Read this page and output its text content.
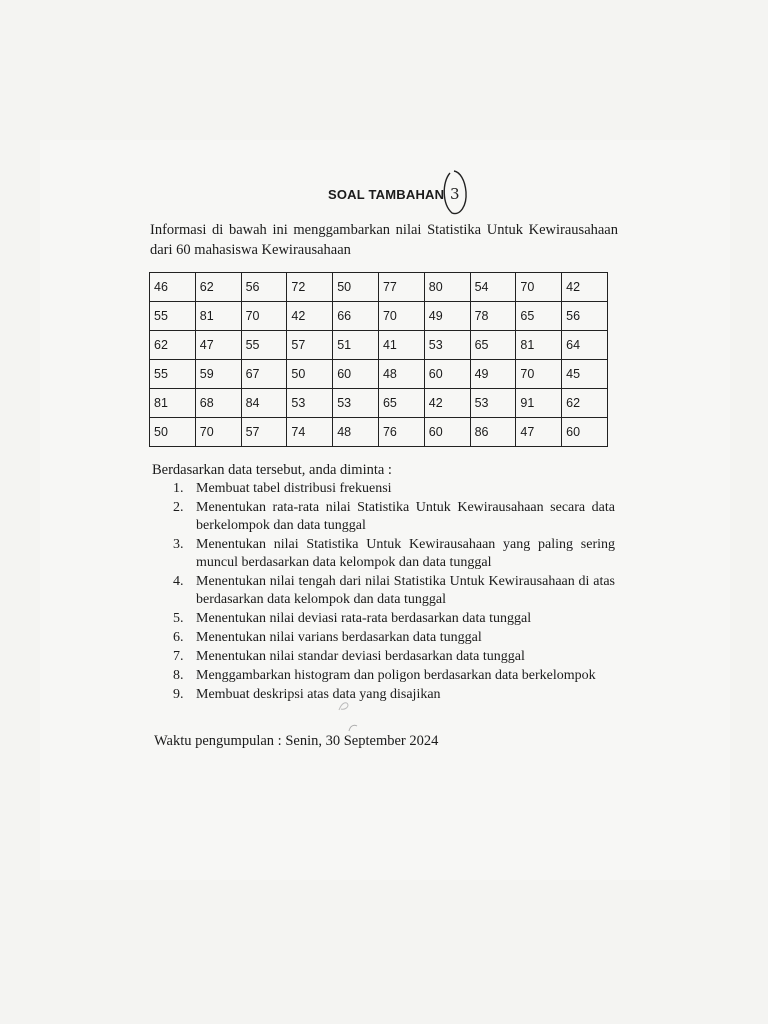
SOAL TAMBAHAN 3
Informasi di bawah ini menggambarkan nilai Statistika Untuk Kewirausahaan dari 60 mahasiswa Kewirausahaan
46	62	56	72	50	77	80	54	70	42
55	81	70	42	66	70	49	78	65	56
62	47	55	57	51	41	53	65	81	64
55	59	67	50	60	48	60	49	70	45
81	68	84	53	53	65	42	53	91	62
50	70	57	74	48	76	60	86	47	60
Berdasarkan data tersebut, anda diminta :
1. Membuat tabel distribusi frekuensi
2. Menentukan rata-rata nilai Statistika Untuk Kewirausahaan secara data berkelompok dan data tunggal
3. Menentukan nilai Statistika Untuk Kewirausahaan yang paling sering muncul berdasarkan data kelompok dan data tunggal
4. Menentukan nilai tengah dari nilai Statistika Untuk Kewirausahaan di atas berdasarkan data kelompok dan data tunggal
5. Menentukan nilai deviasi rata-rata berdasarkan data tunggal
6. Menentukan nilai varians berdasarkan data tunggal
7. Menentukan nilai standar deviasi berdasarkan data tunggal
8. Menggambarkan histogram dan poligon berdasarkan data berkelompok
9. Membuat deskripsi atas data yang disajikan
Waktu pengumpulan : Senin, 30 September 2024
